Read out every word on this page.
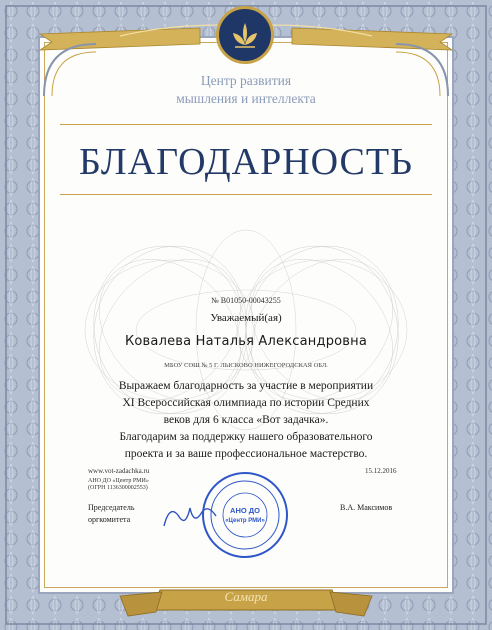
Центр развития
мышления и интеллекта
БЛАГОДАРНОСТЬ
№ В01050-00043255
Уважаемый(ая)
Ковалева Наталья Александровна
МБОУ СОШ № 5 Г. ЛЫСКОВО НИЖЕГОРОДСКАЯ ОБЛ.
Выражаем благодарность за участие в мероприятии
XI Всероссийская олимпиада по истории Средних
веков для 6 класса «Вот задачка».
Благодарим за поддержку нашего образовательного
проекта и за ваше профессиональное мастерство.
www.vot-zadachka.ru
АНО ДО «Центр РМИ»
(ОГРН 1136300002553)
15.12.2016
Председатель
оргкомитета
В.А. Максимов
АНО ДО
«Центр РМИ»
Самара
